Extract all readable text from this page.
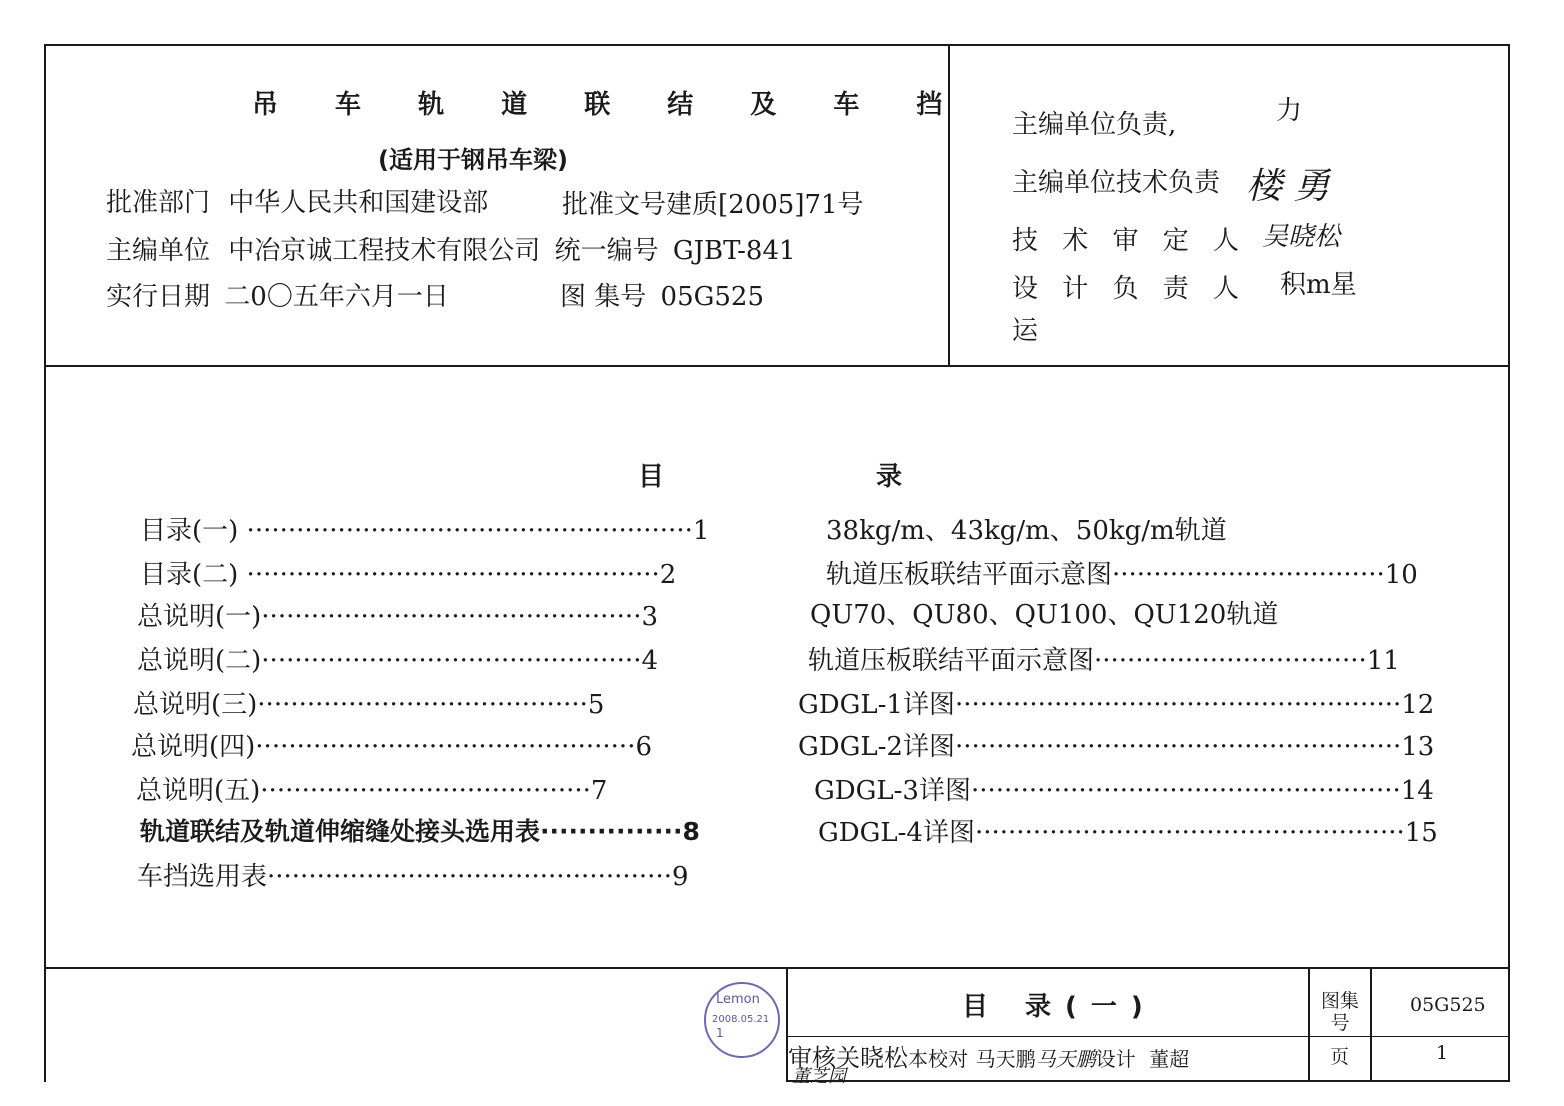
吊 车 轨 道 联 结 及 车 挡
(适用于钢吊车梁)
批准部门 中华人民共和国建设部	批准文号建质[2005]71号
主编单位 中冶京诚工程技术有限公司 统一编号 GJBT-841
实行日期 二0〇五年六月一日	图 集号 05G525
主编单位负责,	力
主编单位技术负责 楼 勇
技 术 审 定 人 吴晓松
设 计 负 责 人 积m星
运
目	录
目录(一) ······················································1
目录(二) ··················································2
总说明(一)··············································3
总说明(二)··············································4
总说明(三)········································5
总说明(四)··············································6
总说明(五)········································7
轨道联结及轨道伸缩缝处接头选用表···············8
车挡选用表·················································9
38kg/m、43kg/m、50kg/m轨道
轨道压板联结平面示意图·································10
QU70、QU80、QU100、QU120轨道
轨道压板联结平面示意图·································11
GDGL-1详图······················································12
GDGL-2详图······················································13
GDGL-3详图····················································14
GDGL-4详图····················································15
Lemon
2008.05.21
1
目 录(一)	图集号
05G525
页	1
审核关晓松本校对 马天鹏马天鹏设计 董超
董芝园
